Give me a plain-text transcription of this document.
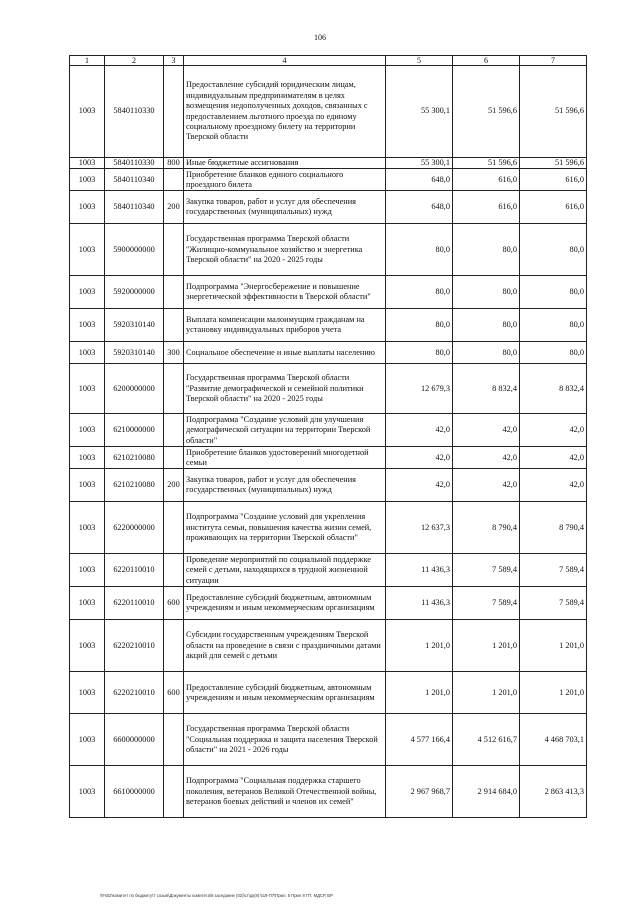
106
1	2	3	4	5	6	7
1003	5840110330		Предоставление субсидий юридическим лицам, индивидуальным предпринимателям в целях возмещения недополученных доходов, связанных с предоставлением льготного проезда по единому социальному проездному билету на территории Тверской области	55 300,1	51 596,6	51 596,6
1003	5840110330	800	Иные бюджетные ассигнования	55 300,1	51 596,6	51 596,6
1003	5840110340		Приобретение бланков единого социального проездного билета	648,0	616,0	616,0
1003	5840110340	200	Закупка товаров, работ и услуг для обеспечения государственных (муниципальных) нужд	648,0	616,0	616,0
1003	5900000000		Государственная программа Тверской области "Жилищно-коммунальное хозяйство и энергетика Тверской области" на 2020 - 2025 годы	80,0	80,0	80,0
1003	5920000000		Подпрограмма "Энергосбережение и повышение энергетической эффективности в Тверской области"	80,0	80,0	80,0
1003	5920310140		Выплата компенсации малоимущим гражданам на установку индивидуальных приборов учета	80,0	80,0	80,0
1003	5920310140	300	Социальное обеспечение и иные выплаты населению	80,0	80,0	80,0
1003	6200000000		Государственная программа Тверской области "Развитие демографической и семейной политики Тверской области" на 2020 - 2025 годы	12 679,3	8 832,4	8 832,4
1003	6210000000		Подпрограмма "Создание условий для улучшения демографической ситуации на территории Тверской области"	42,0	42,0	42,0
1003	6210210080		Приобретение бланков удостоверений многодетной семьи	42,0	42,0	42,0
1003	6210210080	200	Закупка товаров, работ и услуг для обеспечения государственных (муниципальных) нужд	42,0	42,0	42,0
1003	6220000000		Подпрограмма "Создание условий для укрепления института семьи, повышения качества жизни семей, проживающих на территории Тверской области"	12 637,3	8 790,4	8 790,4
1003	6220110010		Проведение мероприятий по социальной поддержке семей с детьми, находящихся в трудной жизненной ситуации	11 436,3	7 589,4	7 589,4
1003	6220110010	600	Предоставление субсидий бюджетным, автономным учреждениям и иным некоммерческим организациям	11 436,3	7 589,4	7 589,4
1003	6220210010		Субсидии государственным учреждениям Тверской области на проведение в связи с праздничными датами акций для семей с детьми	1 201,0	1 201,0	1 201,0
1003	6220210010	600	Предоставление субсидий бюджетным, автономным учреждениям и иным некоммерческим организациям	1 201,0	1 201,0	1 201,0
1003	6600000000		Государственная программа Тверской области "Социальная поддержка и защита населения Тверской области" на 2021 - 2026 годы	4 577 166,4	4 512 616,7	4 468 703,1
1003	6610000000		Подпрограмма "Социальная поддержка старшего поколения, ветеранов Великой Отечественной войны, ветеранов боевых действий и членов их семей"	2 967 968,7	2 914 684,0	2 863 413,3
\\Fs02\комитет по бюджету\7 созыв\Документы комитета\8 заседание (02)\ст\дк(8) 519-П7\Прил. 5 Прил 8 ГП, МДСР, ВР
